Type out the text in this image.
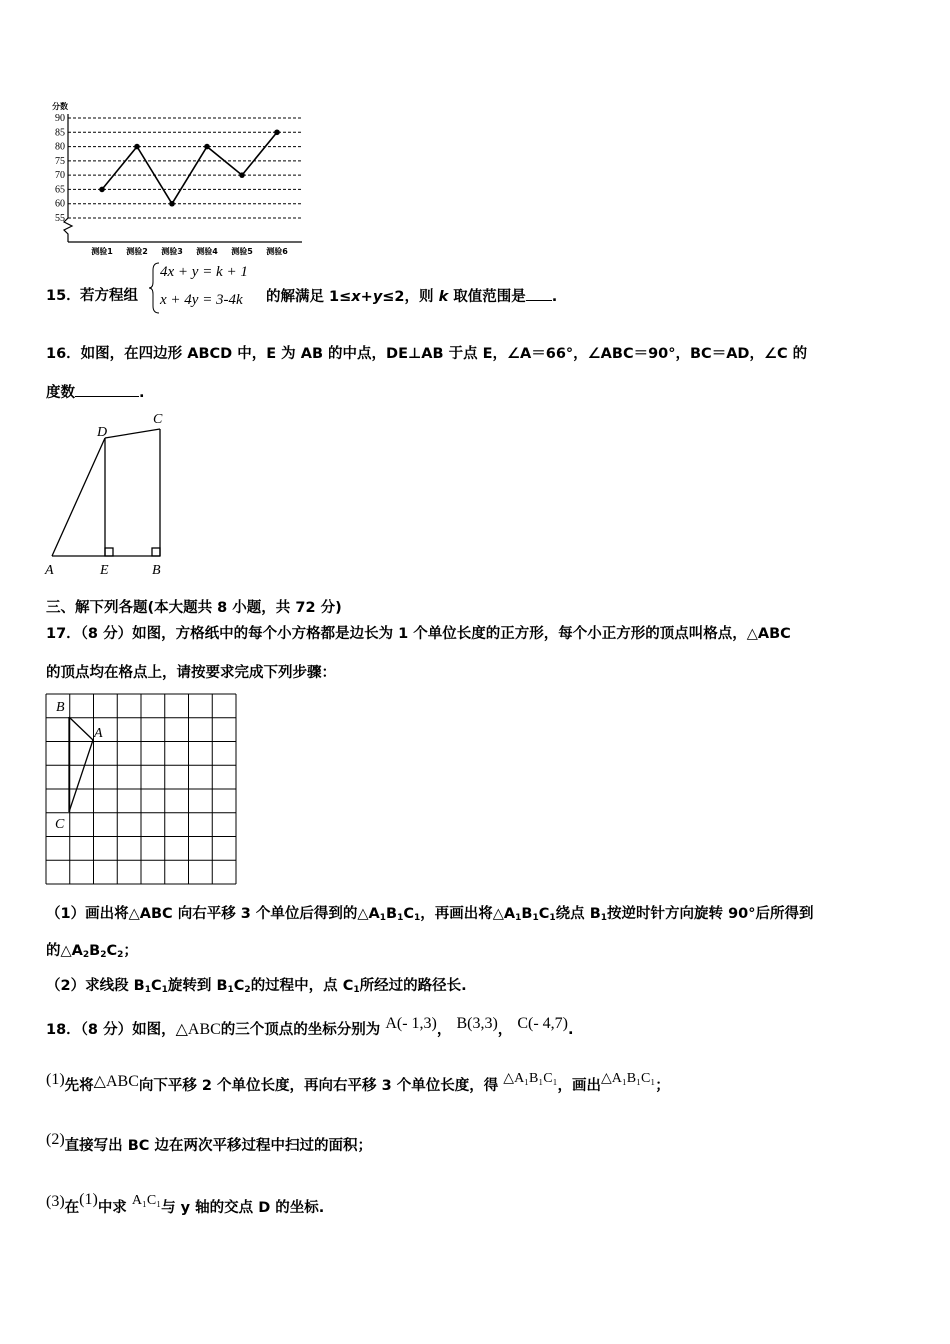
分数
55
60
65
70
75
80
85
90
测验1 测验2 测验3 测验4 测验5 测验6
15． 若方程组
4x + y = k + 1
x + 4y = 3-4k 的解满足 1≤x+y≤2，则 k 取值范围是 .
16．如图，在四边形 ABCD 中，E 为 AB 的中点，DE⊥AB 于点 E，∠A＝66°，∠ABC＝90°，BC＝AD，∠C 的
度数	.
A	E	B
D
C
三、解下列各题(本大题共 8 小题，共 72 分)
17．（8 分）如图，方格纸中的每个小方格都是边长为 1 个单位长度的正方形，每个小正方形的顶点叫格点，△ABC
的顶点均在格点上，请按要求完成下列步骤：
B
A
C
（1）画出将△ABC 向右平移 3 个单位后得到的$\triangle A_1B_1C_1$，再画出将$\triangle A_1B_1C_1$绕点 $B_1$按逆时针方向旋转 90°后所得到
的$\triangle A_2B_2C_2$；
（2）求线段 $B_1C_1$旋转到 $B_1C_2$的过程中，点 $C_1$所经过的路径长.
18．（8 分）如图，△ABC的三个顶点的坐标分别为 A(- 1,3)， B(3,3)， C(- 4,7).
(1)先将△ABC向下平移 2 个单位长度，再向右平移 3 个单位长度，得 △A₁B₁C₁，画出△A₁B₁C₁；
(2)直接写出 BC 边在两次平移过程中扫过的面积；
(3)在(1)中求 A₁C₁与 y 轴的交点 D 的坐标.
